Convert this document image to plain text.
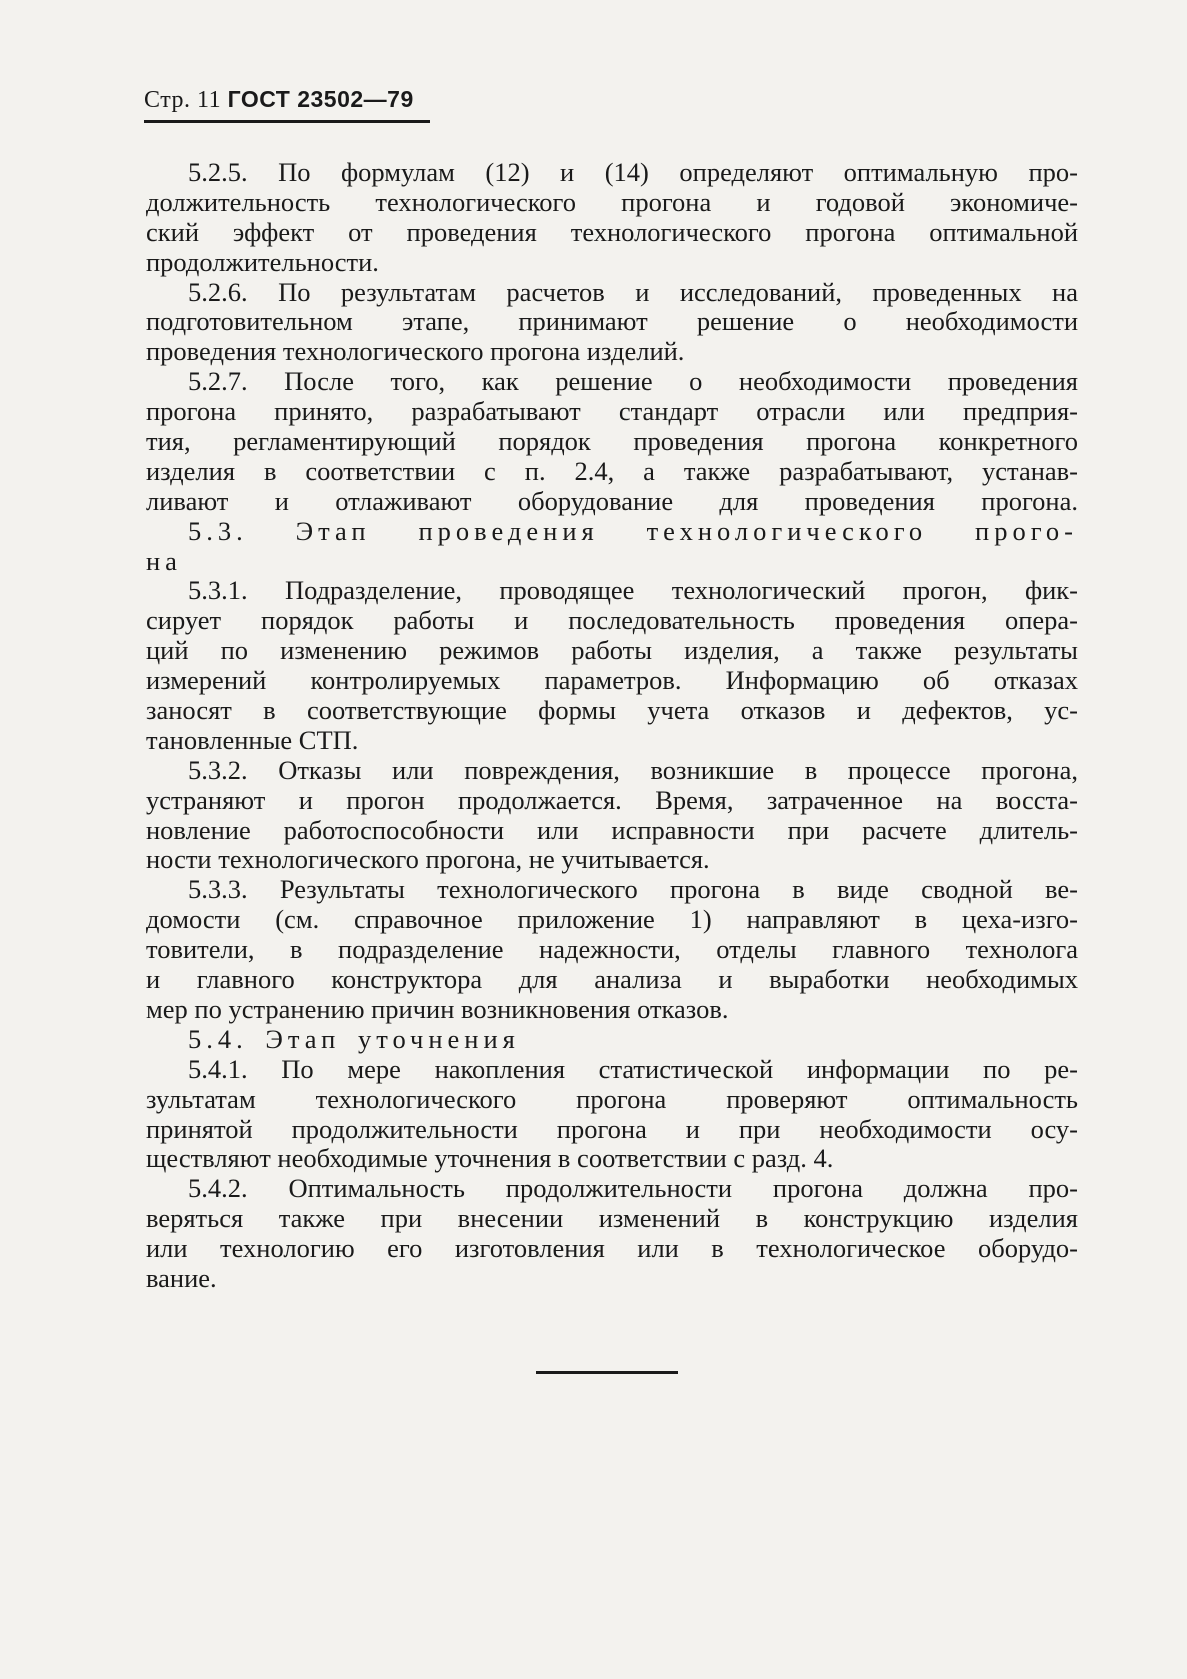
Стр. 11 ГОСТ 23502—79
5.2.5. По формулам (12) и (14) определяют оптимальную про-
должительность технологического прогона и годовой экономиче-
ский эффект от проведения технологического прогона оптимальной
продолжительности.
5.2.6. По результатам расчетов и исследований, проведенных на
подготовительном этапе, принимают решение о необходимости
проведения технологического прогона изделий.
5.2.7. После того, как решение о необходимости проведения
прогона принято, разрабатывают стандарт отрасли или предприя-
тия, регламентирующий порядок проведения прогона конкретного
изделия в соответствии с п. 2.4, а также разрабатывают, устанав-
ливают и отлаживают оборудование для проведения прогона.
5.3. Этап проведения технологического прого-
на
5.3.1. Подразделение, проводящее технологический прогон, фик-
сирует порядок работы и последовательность проведения опера-
ций по изменению режимов работы изделия, а также результаты
измерений контролируемых параметров. Информацию об отказах
заносят в соответствующие формы учета отказов и дефектов, ус-
тановленные СТП.
5.3.2. Отказы или повреждения, возникшие в процессе прогона,
устраняют и прогон продолжается. Время, затраченное на восста-
новление работоспособности или исправности при расчете длитель-
ности технологического прогона, не учитывается.
5.3.3. Результаты технологического прогона в виде сводной ве-
домости (см. справочное приложение 1) направляют в цеха-изго-
товители, в подразделение надежности, отделы главного технолога
и главного конструктора для анализа и выработки необходимых
мер по устранению причин возникновения отказов.
5.4. Этап уточнения
5.4.1. По мере накопления статистической информации по ре-
зультатам технологического прогона проверяют оптимальность
принятой продолжительности прогона и при необходимости осу-
ществляют необходимые уточнения в соответствии с разд. 4.
5.4.2. Оптимальность продолжительности прогона должна про-
веряться также при внесении изменений в конструкцию изделия
или технологию его изготовления или в технологическое оборудо-
вание.
